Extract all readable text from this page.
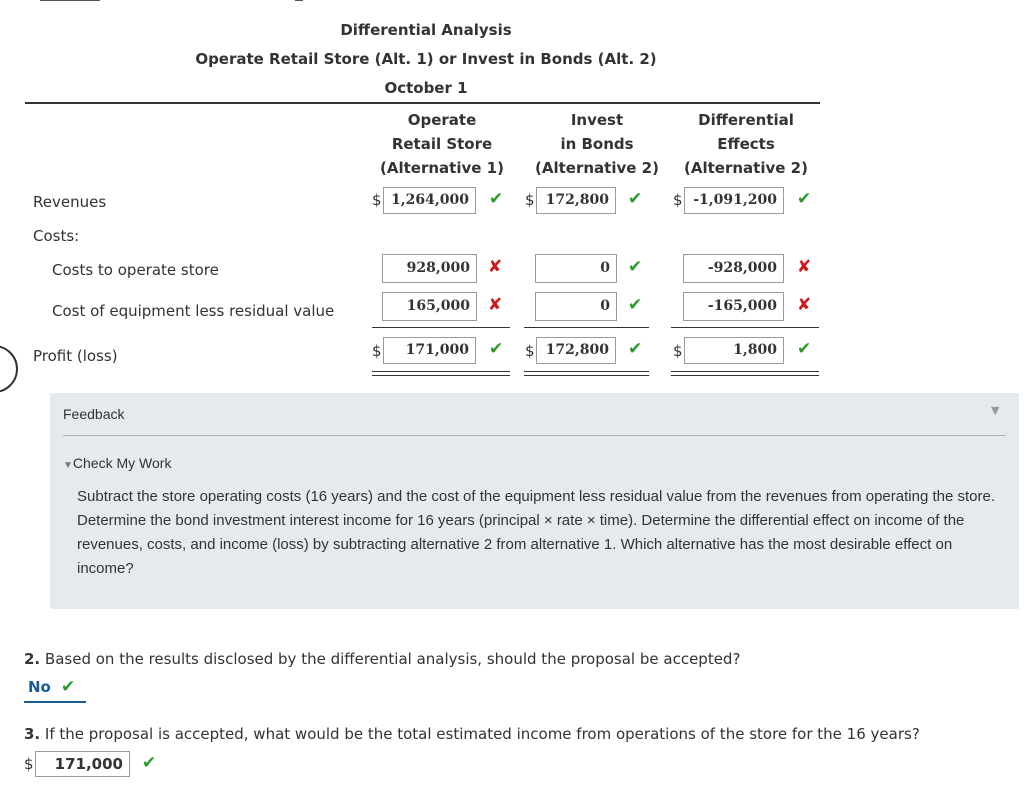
Differential Analysis
Operate Retail Store (Alt. 1) or Invest in Bonds (Alt. 2)
October 1
Operate
Retail Store
(Alternative 1)
Invest
in Bonds
(Alternative 2)
Differential
Effects
(Alternative 2)
Revenues	$ 1,264,000	✔ $ 172,800	✔ $ -1,091,200	✔
Costs:
Costs to operate store	928,000	✘	0	✔	-928,000	✘
Cost of equipment less residual value	165,000	✘	0	✔	-165,000	✘
Profit (loss)	$	171,000	✔ $ 172,800	✔ $	1,800	✔
Feedback	▼
▼Check My Work
Subtract the store operating costs (16 years) and the cost of the equipment less residual value from the revenues from operating the store. Determine the bond investment interest income for 16 years (principal × rate × time). Determine the differential effect on income of the revenues, costs, and income (loss) by subtracting alternative 2 from alternative 1. Which alternative has the most desirable effect on income?
2. Based on the results disclosed by the differential analysis, should the proposal be accepted?
No ✔
3. If the proposal is accepted, what would be the total estimated income from operations of the store for the 16 years?
$	171,000	✔
